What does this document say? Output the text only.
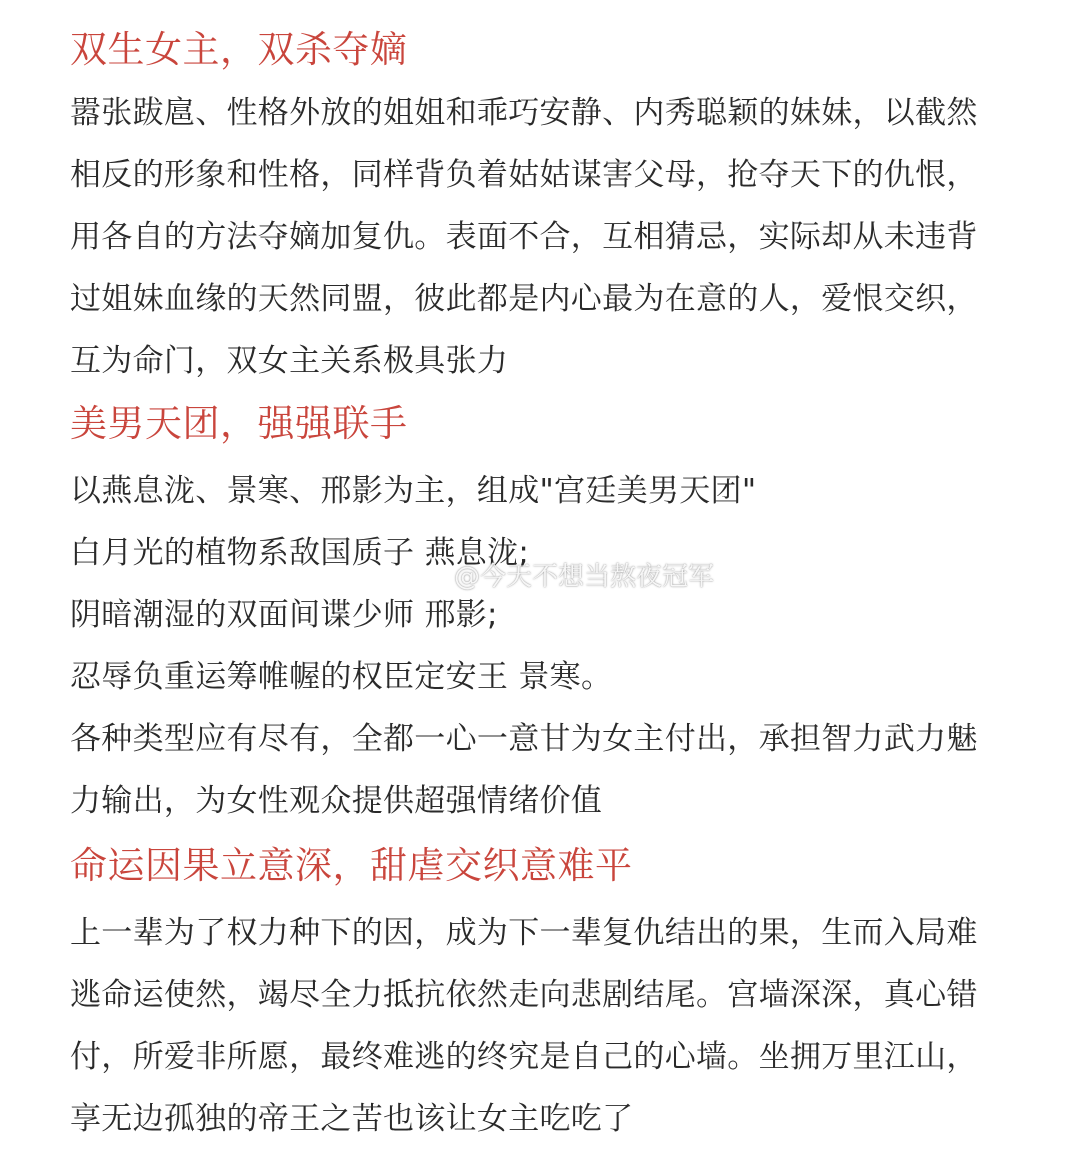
双生女主，双杀夺嫡

嚣张跋扈、性格外放的姐姐和乖巧安静、内秀聪颖的妹妹，以截然相反的形象和性格，同样背负着姑姑谋害父母，抢夺天下的仇恨，用各自的方法夺嫡加复仇。表面不合，互相猜忌，实际却从未违背过姐妹血缘的天然同盟，彼此都是内心最为在意的人，爱恨交织，互为命门，双女主关系极具张力

美男天团，强强联手

以燕息泷、景寒、邢影为主，组成"宫廷美男天团"

白月光的植物系敌国质子 燕息泷;

阴暗潮湿的双面间谍少师 邢影;

忍辱负重运筹帷幄的权臣定安王 景寒。

各种类型应有尽有，全都一心一意甘为女主付出，承担智力武力魅力输出，为女性观众提供超强情绪价值

命运因果立意深，甜虐交织意难平

上一辈为了权力种下的因，成为下一辈复仇结出的果，生而入局难逃命运使然，竭尽全力抵抗依然走向悲剧结尾。宫墙深深，真心错付，所爱非所愿，最终难逃的终究是自己的心墙。坐拥万里江山，享无边孤独的帝王之苦也该让女主吃吃了

@今天不想当熬夜冠军
